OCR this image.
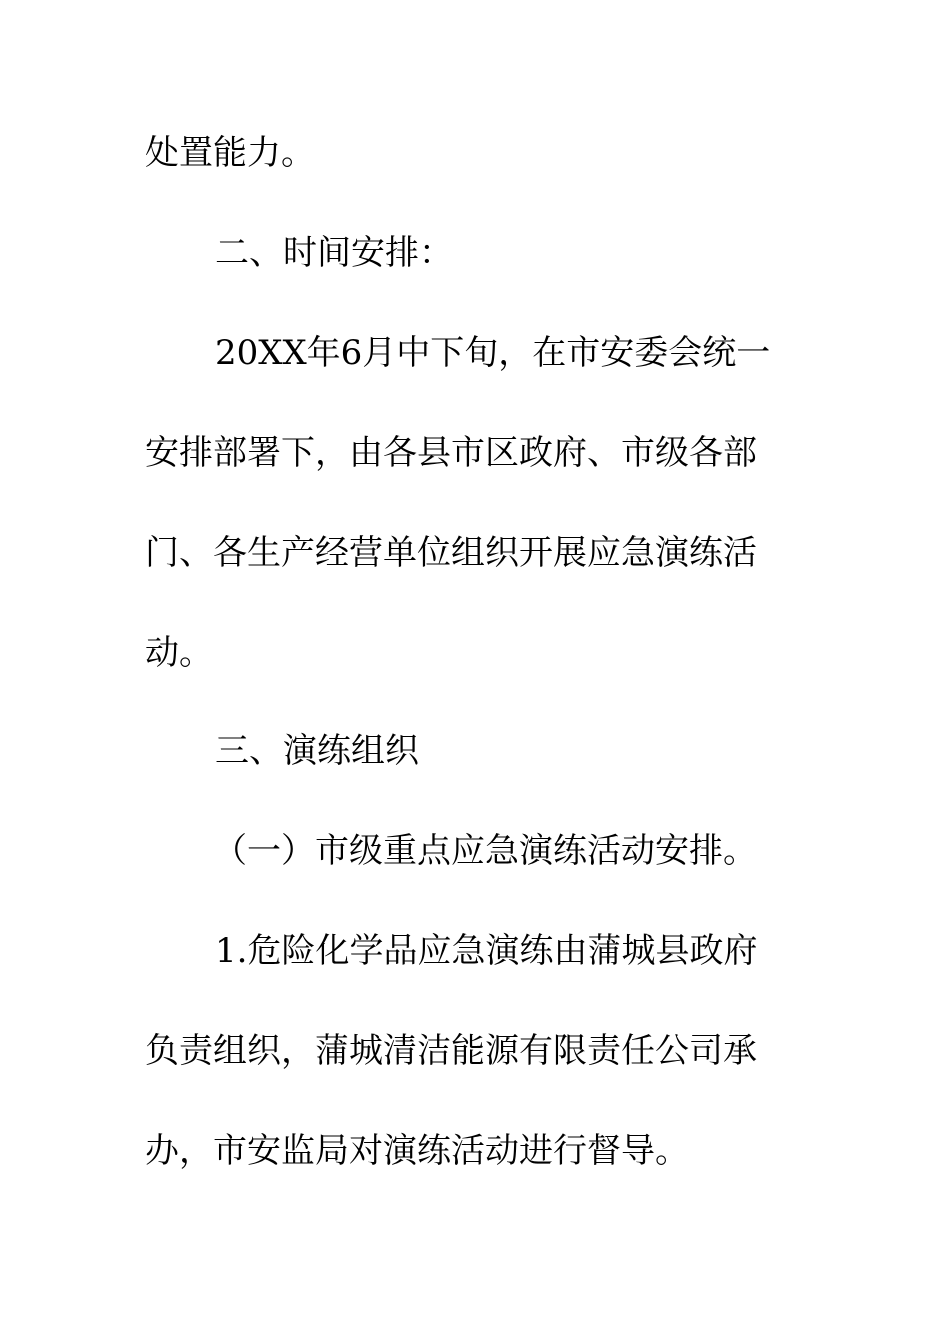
处置能力。
二、时间安排：
20XX年6月中下旬，在市安委会统一
安排部署下，由各县市区政府、市级各部
门、各生产经营单位组织开展应急演练活
动。
三、演练组织
（一）市级重点应急演练活动安排。
1.危险化学品应急演练由蒲城县政府
负责组织，蒲城清洁能源有限责任公司承
办，市安监局对演练活动进行督导。
